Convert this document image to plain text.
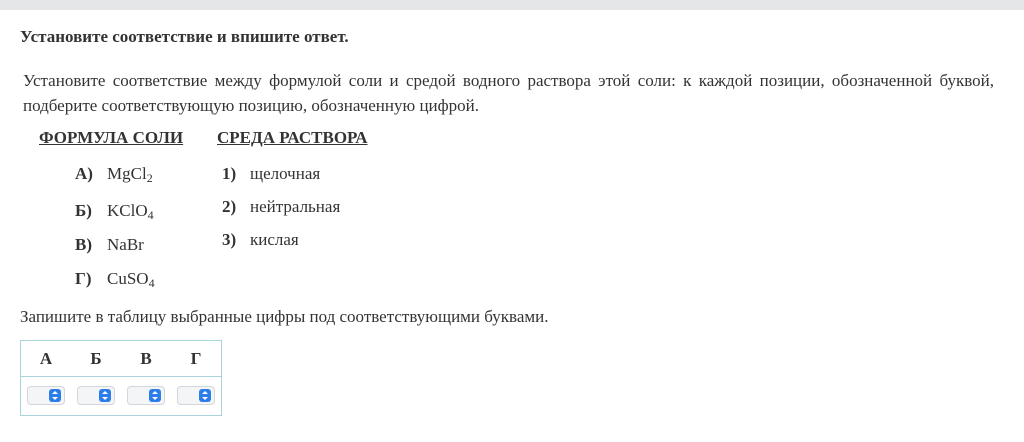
Установите соответствие и впишите ответ.
Установите соответствие между формулой соли и средой водного раствора этой соли: к каждой позиции, обозначенной буквой, подберите соответствующую позицию, обозначенную цифрой.
ФОРМУЛА СОЛИ СРЕДА РАСТВОРА
А) MgCl$_2$
Б) KClO$_4$
В) NaBr
Г) CuSO$_4$
1) щелочная
2) нейтральная
3) кислая
Запишите в таблицу выбранные цифры под соответствующими буквами.
А	Б	В	Г
